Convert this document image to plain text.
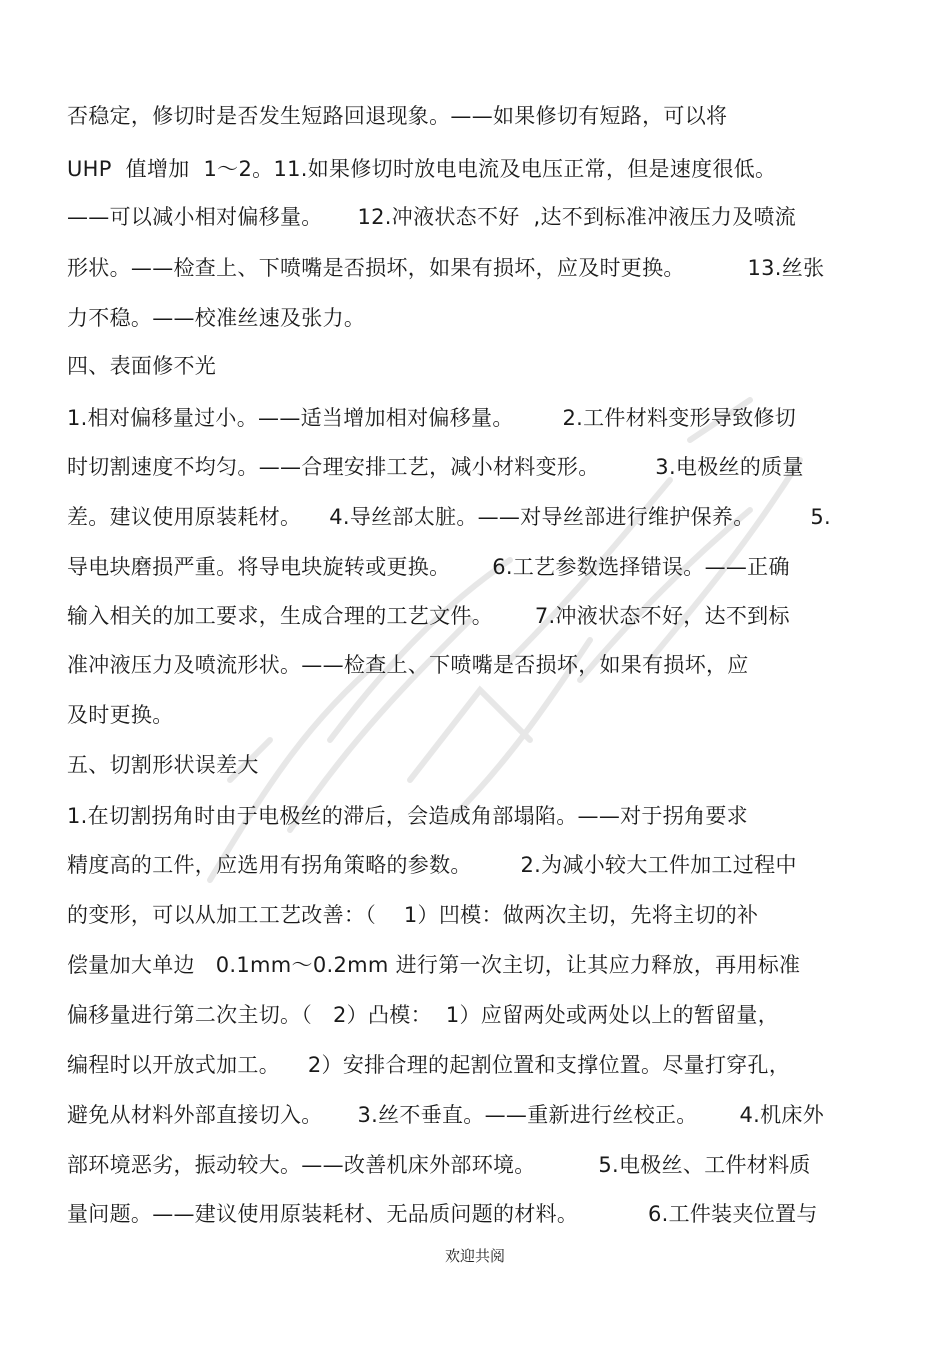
否稳定，修切时是否发生短路回退现象。——如果修切有短路，可以将
UHP  值增加  1～2。11.如果修切时放电电流及电压正常，但是速度很低。
——可以减小相对偏移量。     12.冲液状态不好  ,达不到标准冲液压力及喷流
形状。——检查上、下喷嘴是否损坏，如果有损坏，应及时更换。         13.丝张
力不稳。——校准丝速及张力。
四、表面修不光
1.相对偏移量过小。——适当增加相对偏移量。       2.工件材料变形导致修切
时切割速度不均匀。——合理安排工艺，减小材料变形。        3.电极丝的质量
差。建议使用原装耗材。    4.导丝部太脏。——对导丝部进行维护保养。        5.
导电块磨损严重。将导电块旋转或更换。      6.工艺参数选择错误。——正确
输入相关的加工要求，生成合理的工艺文件。      7.冲液状态不好，达不到标
准冲液压力及喷流形状。——检查上、下喷嘴是否损坏，如果有损坏，应
及时更换。
五、切割形状误差大
1.在切割拐角时由于电极丝的滞后，会造成角部塌陷。——对于拐角要求
精度高的工件，应选用有拐角策略的参数。       2.为减小较大工件加工过程中
的变形，可以从加工工艺改善：（    1）凹模：做两次主切，先将主切的补
偿量加大单边   0.1mm～0.2mm 进行第一次主切，让其应力释放，再用标准
偏移量进行第二次主切。（   2）凸模：  1）应留两处或两处以上的暂留量，
编程时以开放式加工。    2）安排合理的起割位置和支撑位置。尽量打穿孔，
避免从材料外部直接切入。     3.丝不垂直。——重新进行丝校正。      4.机床外
部环境恶劣，振动较大。——改善机床外部环境。         5.电极丝、工件材料质
量问题。——建议使用原装耗材、无品质问题的材料。          6.工件装夹位置与
欢迎共阅
